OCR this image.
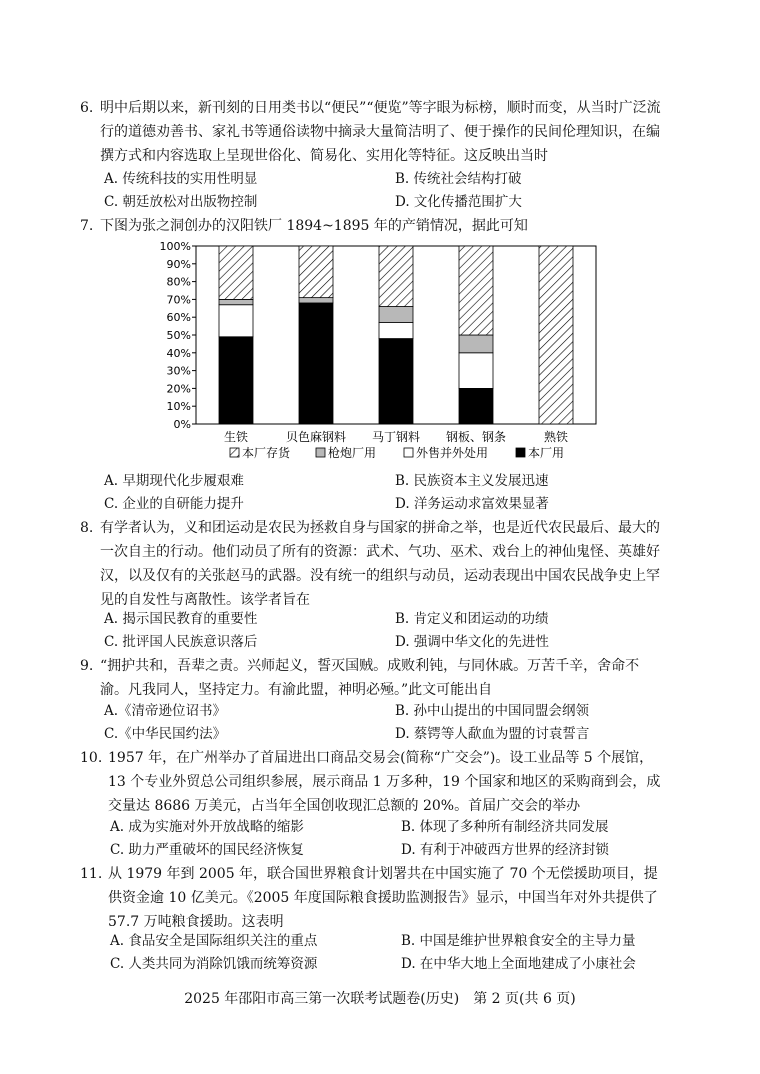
6. 明中后期以来，新刊刻的日用类书以“便民”“便览”等字眼为标榜，顺时而变，从当时广泛流行的道德劝善书、家礼书等通俗读物中摘录大量简洁明了、便于操作的民间伦理知识，在编撰方式和内容选取上呈现世俗化、简易化、实用化等特征。这反映出当时
A. 传统科技的实用性明显	B. 传统社会结构打破
C. 朝廷放松对出版物控制	D. 文化传播范围扩大
7. 下图为张之洞创办的汉阳铁厂 1894~1895 年的产销情况，据此可知
0%
10%
20%
30%
40%
50%
60%
70%
80%
90%
100%
生铁	贝色麻钢料 马丁钢料 钢板、钢条	熟铁
本厂存货	枪炮厂用	外售并外处用	本厂用
A. 早期现代化步履艰难	B. 民族资本主义发展迅速
C. 企业的自研能力提升	D. 洋务运动求富效果显著
8. 有学者认为，义和团运动是农民为拯救自身与国家的拼命之举，也是近代农民最后、最大的一次自主的行动。他们动员了所有的资源：武术、气功、巫术、戏台上的神仙鬼怪、英雄好汉，以及仅有的关张赵马的武器。没有统一的组织与动员，运动表现出中国农民战争史上罕见的自发性与离散性。该学者旨在
A. 揭示国民教育的重要性	B. 肯定义和团运动的功绩
C. 批评国人民族意识落后	D. 强调中华文化的先进性
9. “拥护共和，吾辈之责。兴师起义，誓灭国贼。成败利钝，与同休戚。万苦千辛，舍命不渝。凡我同人，坚持定力。有渝此盟，神明必殛。”此文可能出自
A.《清帝逊位诏书》	B. 孙中山提出的中国同盟会纲领
C.《中华民国约法》	D. 蔡锷等人歃血为盟的讨袁誓言
10. 1957 年，在广州举办了首届进出口商品交易会(简称“广交会”)。设工业品等 5 个展馆，13 个专业外贸总公司组织参展，展示商品 1 万多种，19 个国家和地区的采购商到会，成交量达 8686 万美元，占当年全国创收现汇总额的 20%。首届广交会的举办
A. 成为实施对外开放战略的缩影	B. 体现了多种所有制经济共同发展
C. 助力严重破坏的国民经济恢复	D. 有利于冲破西方世界的经济封锁
11. 从 1979 年到 2005 年，联合国世界粮食计划署共在中国实施了 70 个无偿援助项目，提供资金逾 10 亿美元。《2005 年度国际粮食援助监测报告》显示，中国当年对外共提供了 57.7 万吨粮食援助。这表明
A. 食品安全是国际组织关注的重点	B. 中国是维护世界粮食安全的主导力量
C. 人类共同为消除饥饿而统筹资源	D. 在中华大地上全面地建成了小康社会
2025 年邵阳市高三第一次联考试题卷(历史)　第 2 页(共 6 页)
